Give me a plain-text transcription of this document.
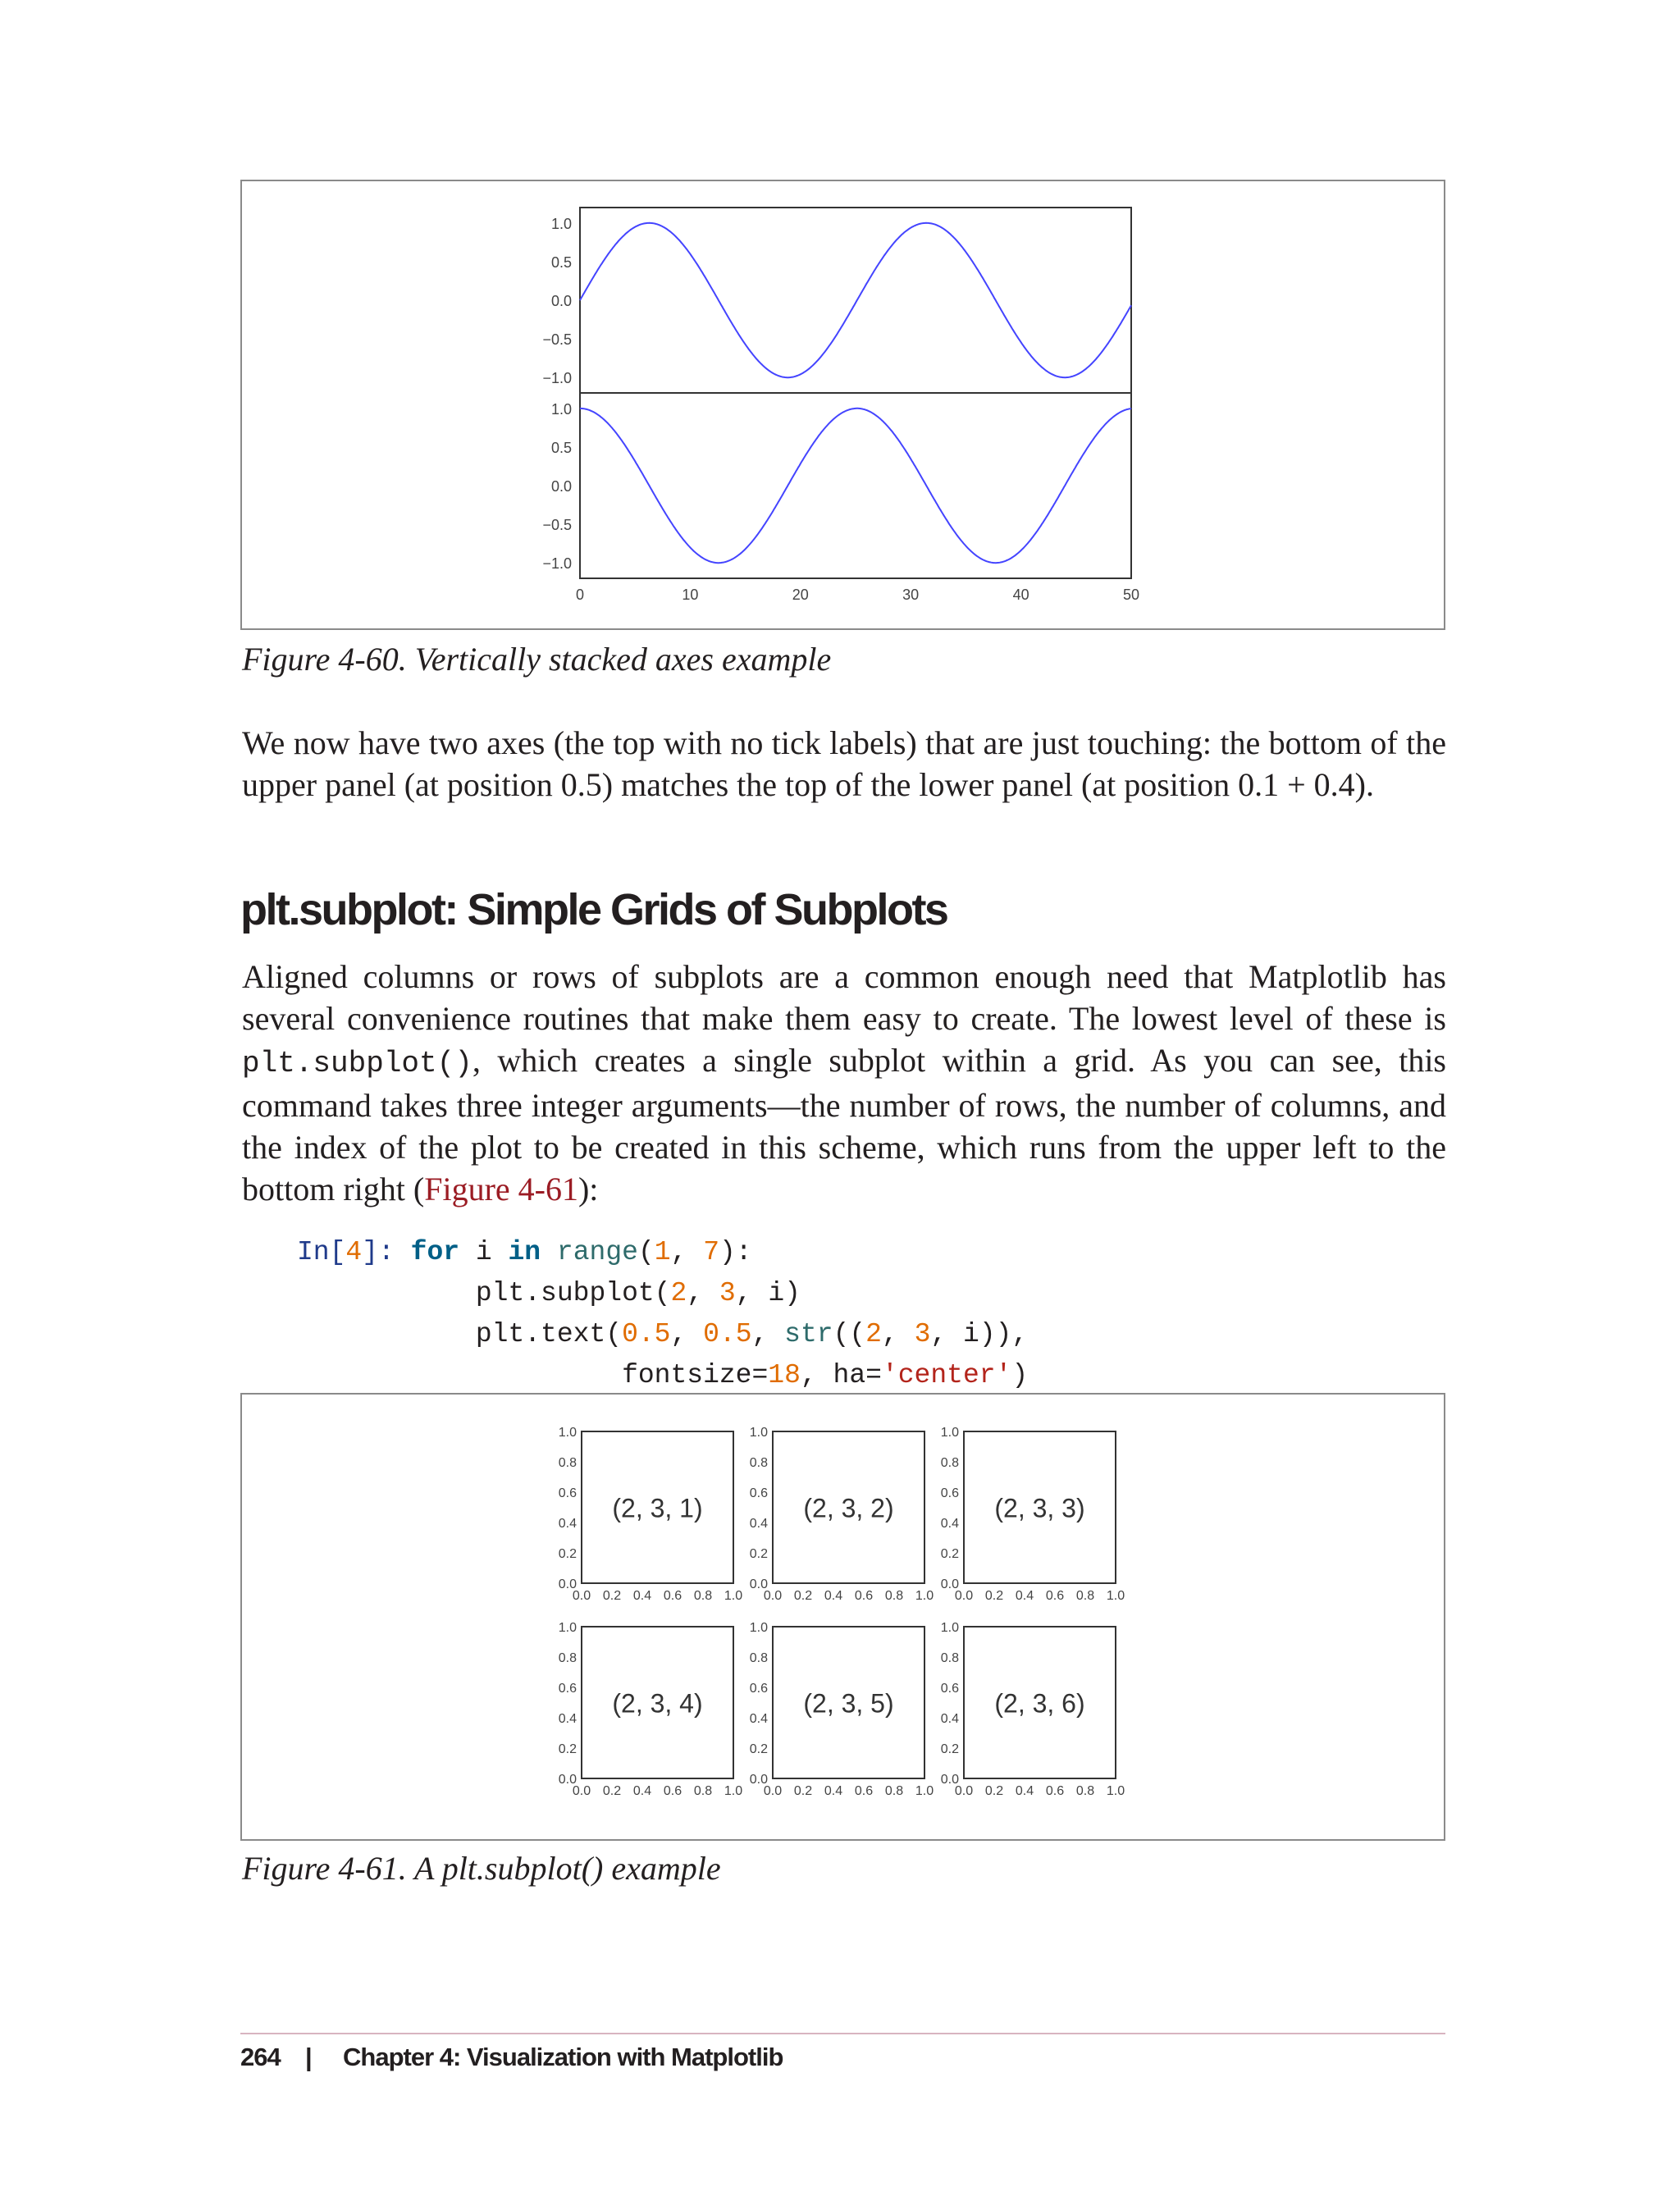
1.0
0.5
0.0
−0.5
−1.0
1.0
0.5
0.0
−0.5
−1.0
0	10	20	30	40	50
Figure 4-60. Vertically stacked axes example
We now have two axes (the top with no tick labels) that are just touching: the bottom of the upper panel (at position 0.5) matches the top of the lower panel (at position 0.1 + 0.4).
plt.subplot: Simple Grids of Subplots
Aligned columns or rows of subplots are a common enough need that Matplotlib has several convenience routines that make them easy to create. The lowest level of these is plt.subplot(), which creates a single subplot within a grid. As you can see, this command takes three integer arguments—the number of rows, the number of columns, and the index of the plot to be created in this scheme, which runs from the upper left to the bottom right (Figure 4-61):
In[4]: for i in range(1, 7):
plt.subplot(2, 3, i)
plt.text(0.5, 0.5, str((2, 3, i)),
fontsize=18, ha='center')
1.0
0.8
0.6
0.4
0.2
0.0
0.0 0.2 0.4 0.6 0.8 1.0
(2, 3, 1)
1.0
0.8
0.6
0.4
0.2
0.0
0.0 0.2 0.4 0.6 0.8 1.0
(2, 3, 2)
1.0
0.8
0.6
0.4
0.2
0.0
0.0 0.2 0.4 0.6 0.8 1.0
(2, 3, 3)
1.0
0.8
0.6
0.4
0.2
0.0
0.0 0.2 0.4 0.6 0.8 1.0
(2, 3, 4)
1.0
0.8
0.6
0.4
0.2
0.0
0.0 0.2 0.4 0.6 0.8 1.0
(2, 3, 5)
1.0
0.8
0.6
0.4
0.2
0.0
0.0 0.2 0.4 0.6 0.8 1.0
(2, 3, 6)
Figure 4-61. A plt.subplot() example
264 | Chapter 4: Visualization with Matplotlib
